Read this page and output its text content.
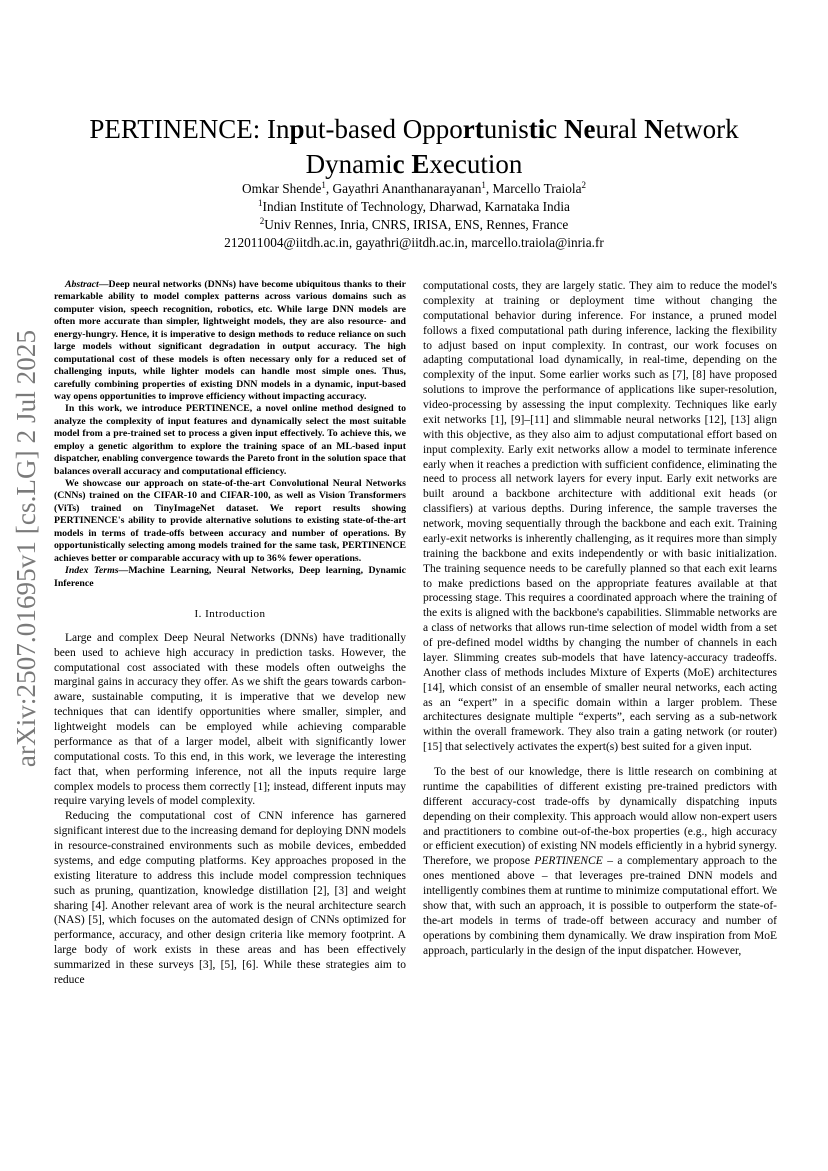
arXiv:2507.01695v1 [cs.LG] 2 Jul 2025
PERTINENCE: Input-based Opportunistic Neural Network Dynamic Execution
Omkar Shende$^1$, Gayathri Ananthanarayanan$^1$, Marcello Traiola$^2$
$^1$Indian Institute of Technology, Dharwad, Karnataka India
$^2$Univ Rennes, Inria, CNRS, IRISA, ENS, Rennes, France
212011004@iitdh.ac.in, gayathri@iitdh.ac.in, marcello.traiola@inria.fr

Abstract—Deep neural networks (DNNs) have become ubiquitous thanks to their remarkable ability to model complex patterns across various domains such as computer vision, speech recognition, robotics, etc. While large DNN models are often more accurate than simpler, lightweight models, they are also resource- and energy-hungry. Hence, it is imperative to design methods to reduce reliance on such large models without significant degradation in output accuracy. The high computational cost of these models is often necessary only for a reduced set of challenging inputs, while lighter models can handle most simple ones. Thus, carefully combining properties of existing DNN models in a dynamic, input-based way opens opportunities to improve efficiency without impacting accuracy.

In this work, we introduce PERTINENCE, a novel online method designed to analyze the complexity of input features and dynamically select the most suitable model from a pre-trained set to process a given input effectively. To achieve this, we employ a genetic algorithm to explore the training space of an ML-based input dispatcher, enabling convergence towards the Pareto front in the solution space that balances overall accuracy and computational efficiency.

We showcase our approach on state-of-the-art Convolutional Neural Networks (CNNs) trained on the CIFAR-10 and CIFAR-100, as well as Vision Transformers (ViTs) trained on TinyImageNet dataset. We report results showing PERTINENCE's ability to provide alternative solutions to existing state-of-the-art models in terms of trade-offs between accuracy and number of operations. By opportunistically selecting among models trained for the same task, PERTINENCE achieves better or comparable accuracy with up to 36% fewer operations.

Index Terms—Machine Learning, Neural Networks, Deep learning, Dynamic Inference

I. Introduction

Large and complex Deep Neural Networks (DNNs) have traditionally been used to achieve high accuracy in prediction tasks. However, the computational cost associated with these models often outweighs the marginal gains in accuracy they offer. As we shift the gears towards carbon-aware, sustainable computing, it is imperative that we develop new techniques that can identify opportunities where smaller, simpler, and lightweight models can be employed while achieving comparable performance as that of a larger model, albeit with significantly lower computational costs. To this end, in this work, we leverage the interesting fact that, when performing inference, not all the inputs require large complex models to process them correctly [1]; instead, different inputs may require varying levels of model complexity.

Reducing the computational cost of CNN inference has garnered significant interest due to the increasing demand for deploying DNN models in resource-constrained environments such as mobile devices, embedded systems, and edge computing platforms. Key approaches proposed in the existing literature to address this include model compression techniques such as pruning, quantization, knowledge distillation [2], [3] and weight sharing [4]. Another relevant area of work is the neural architecture search (NAS) [5], which focuses on the automated design of CNNs optimized for performance, accuracy, and other design criteria like memory footprint. A large body of work exists in these areas and has been effectively summarized in these surveys [3], [5], [6]. While these strategies aim to reduce

computational costs, they are largely static. They aim to reduce the model's complexity at training or deployment time without changing the computational behavior during inference. For instance, a pruned model follows a fixed computational path during inference, lacking the flexibility to adjust based on input complexity. In contrast, our work focuses on adapting computational load dynamically, in real-time, depending on the complexity of the input. Some earlier works such as [7], [8] have proposed solutions to improve the performance of applications like super-resolution, video-processing by assessing the input complexity. Techniques like early exit networks [1], [9]–[11] and slimmable neural networks [12], [13] align with this objective, as they also aim to adjust computational effort based on input complexity. Early exit networks allow a model to terminate inference early when it reaches a prediction with sufficient confidence, eliminating the need to process all network layers for every input. Early exit networks are built around a backbone architecture with additional exit heads (or classifiers) at various depths. During inference, the sample traverses the network, moving sequentially through the backbone and each exit. Training early-exit networks is inherently challenging, as it requires more than simply training the backbone and exits independently or with basic initialization. The training sequence needs to be carefully planned so that each exit learns to make predictions based on the appropriate features available at that processing stage. This requires a coordinated approach where the training of the exits is aligned with the backbone's capabilities. Slimmable networks are a class of networks that allows run-time selection of model width from a set of pre-defined model widths by changing the number of channels in each layer. Slimming creates sub-models that have latency-accuracy tradeoffs. Another class of methods includes Mixture of Experts (MoE) architectures [14], which consist of an ensemble of smaller neural networks, each acting as an “expert” in a specific domain within a larger problem. These architectures designate multiple “experts”, each serving as a sub-network within the overall framework. They also train a gating network (or router) [15] that selectively activates the expert(s) best suited for a given input.

To the best of our knowledge, there is little research on combining at runtime the capabilities of different existing pre-trained predictors with different accuracy-cost trade-offs by dynamically dispatching inputs depending on their complexity. This approach would allow non-expert users and practitioners to combine out-of-the-box properties (e.g., high accuracy or efficient execution) of existing NN models efficiently in a hybrid synergy. Therefore, we propose PERTINENCE – a complementary approach to the ones mentioned above – that leverages pre-trained DNN models and intelligently combines them at runtime to minimize computational effort. We show that, with such an approach, it is possible to outperform the state-of-the-art models in terms of trade-off between accuracy and number of operations by combining them dynamically. We draw inspiration from MoE approach, particularly in the design of the input dispatcher. However,
